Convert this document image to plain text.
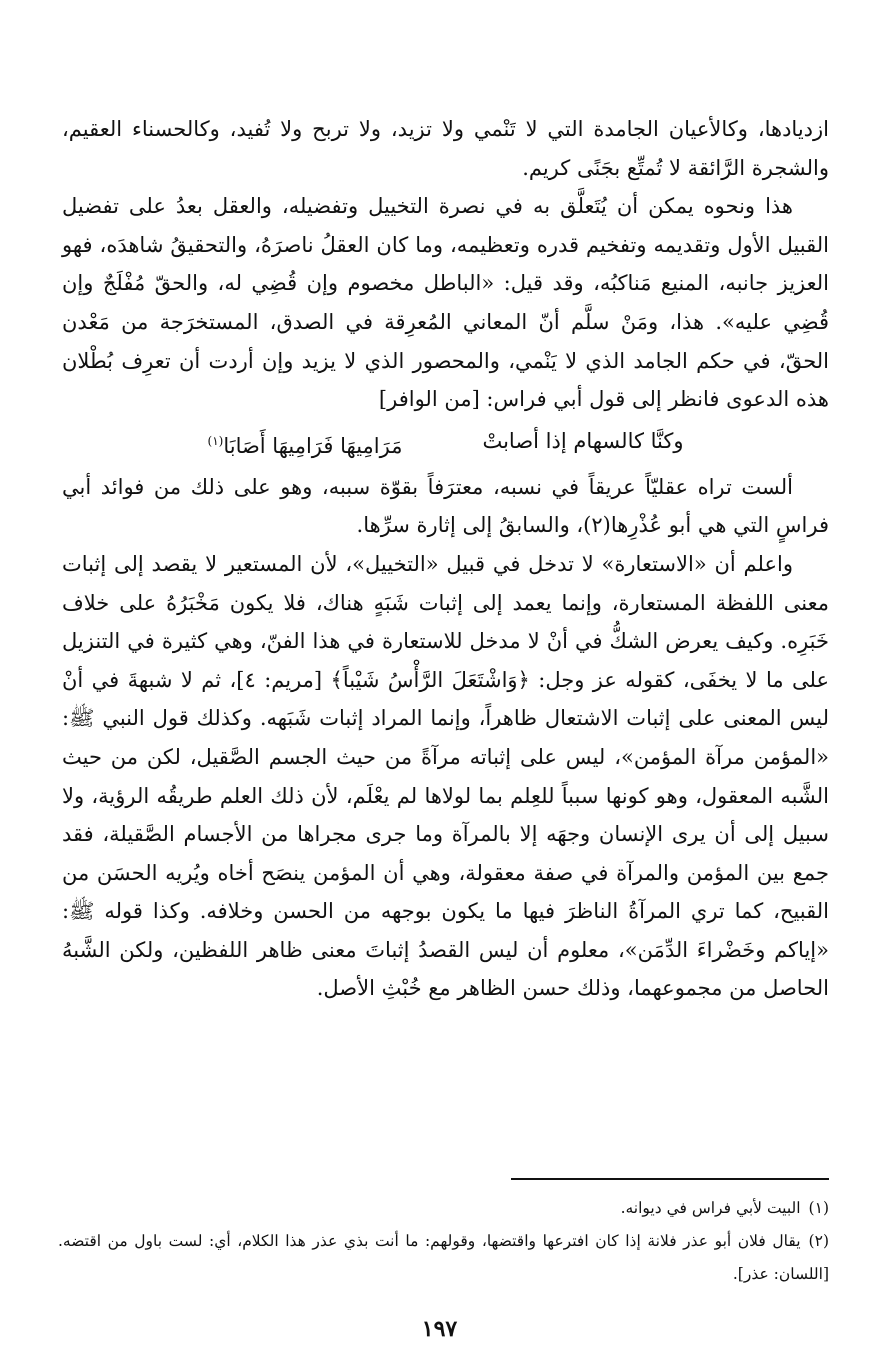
ازديادها، وكالأعيان الجامدة التي لا تَنْمي ولا تزيد، ولا تربح ولا تُفيد، وكالحسناء العقيم، والشجرة الرَّائقة لا تُمتِّع بجَنًى كريم.

هذا ونحوه يمكن أن يُتَعلَّق به في نصرة التخييل وتفضيله، والعقل بعدُ على تفضيل القبيل الأول وتقديمه وتفخيم قدره وتعظيمه، وما كان العقلُ ناصرَهُ، والتحقيقُ شاهدَه، فهو العزيز جانبه، المنيع مَناكبُه، وقد قيل: «الباطل مخصوم وإن قُضِي له، والحقّ مُفْلَجٌ وإن قُضِي عليه». هذا، ومَنْ سلَّم أنّ المعاني المُعرِقة في الصدق، المستخرَجة من مَعْدن الحقّ، في حكم الجامد الذي لا يَنْمي، والمحصور الذي لا يزيد وإن أردت أن تعرِف بُطْلان هذه الدعوى فانظر إلى قول أبي فراس: [من الوافر]

وكنَّا كالسهام إذا أصابتْ
مَرَامِيهَا فَرَامِيهَا أَصَابَا$^{(١)}$

ألست تراه عقليّاً عريقاً في نسبه، معترَفاً بقوّة سببه، وهو على ذلك من فوائد أبي فراسٍ التي هي أبو عُذْرِها(٢)، والسابقُ إلى إثارة سرِّها.

واعلم أن «الاستعارة» لا تدخل في قبيل «التخييل»، لأن المستعير لا يقصد إلى إثبات معنى اللفظة المستعارة، وإنما يعمد إلى إثبات شَبَهٍ هناك، فلا يكون مَخْبَرُهُ على خلاف خَبَرِه. وكيف يعرض الشكُّ في أنْ لا مدخل للاستعارة في هذا الفنّ، وهي كثيرة في التنزيل على ما لا يخفَى، كقوله عز وجل: ﴿وَاشْتَعَلَ الرَّأْسُ شَيْباً﴾ [مريم: ٤]، ثم لا شبهةَ في أنْ ليس المعنى على إثبات الاشتعال ظاهراً، وإنما المراد إثبات شَبَهه. وكذلك قول النبي ﷺ: «المؤمن مرآة المؤمن»، ليس على إثباته مرآةً من حيث الجسم الصَّقيل، لكن من حيث الشَّبه المعقول، وهو كونها سبباً للعِلم بما لولاها لم يعْلَم، لأن ذلك العلم طريقُه الرؤية، ولا سبيل إلى أن يرى الإنسان وجهَه إلا بالمرآة وما جرى مجراها من الأجسام الصَّقيلة، فقد جمع بين المؤمن والمرآة في صفة معقولة، وهي أن المؤمن ينصَح أخاه ويُريه الحسَن من القبيح، كما تري المرآةُ الناظرَ فيها ما يكون بوجهه من الحسن وخلافه. وكذا قوله ﷺ: «إياكم وخَضْراءَ الدِّمَن»، معلوم أن ليس القصدُ إثباتَ معنى ظاهر اللفظين، ولكن الشَّبهُ الحاصل من مجموعهما، وذلك حسن الظاهر مع خُبْثِ الأصل.

(١)البيت لأبي فراس في ديوانه.

(٢)يقال فلان أبو عذر فلانة إذا كان افترعها واقتضها، وقولهم: ما أنت بذي عذر هذا الكلام، أي: لست باول من اقتضه. [اللسان: عذر].

١٩٧
